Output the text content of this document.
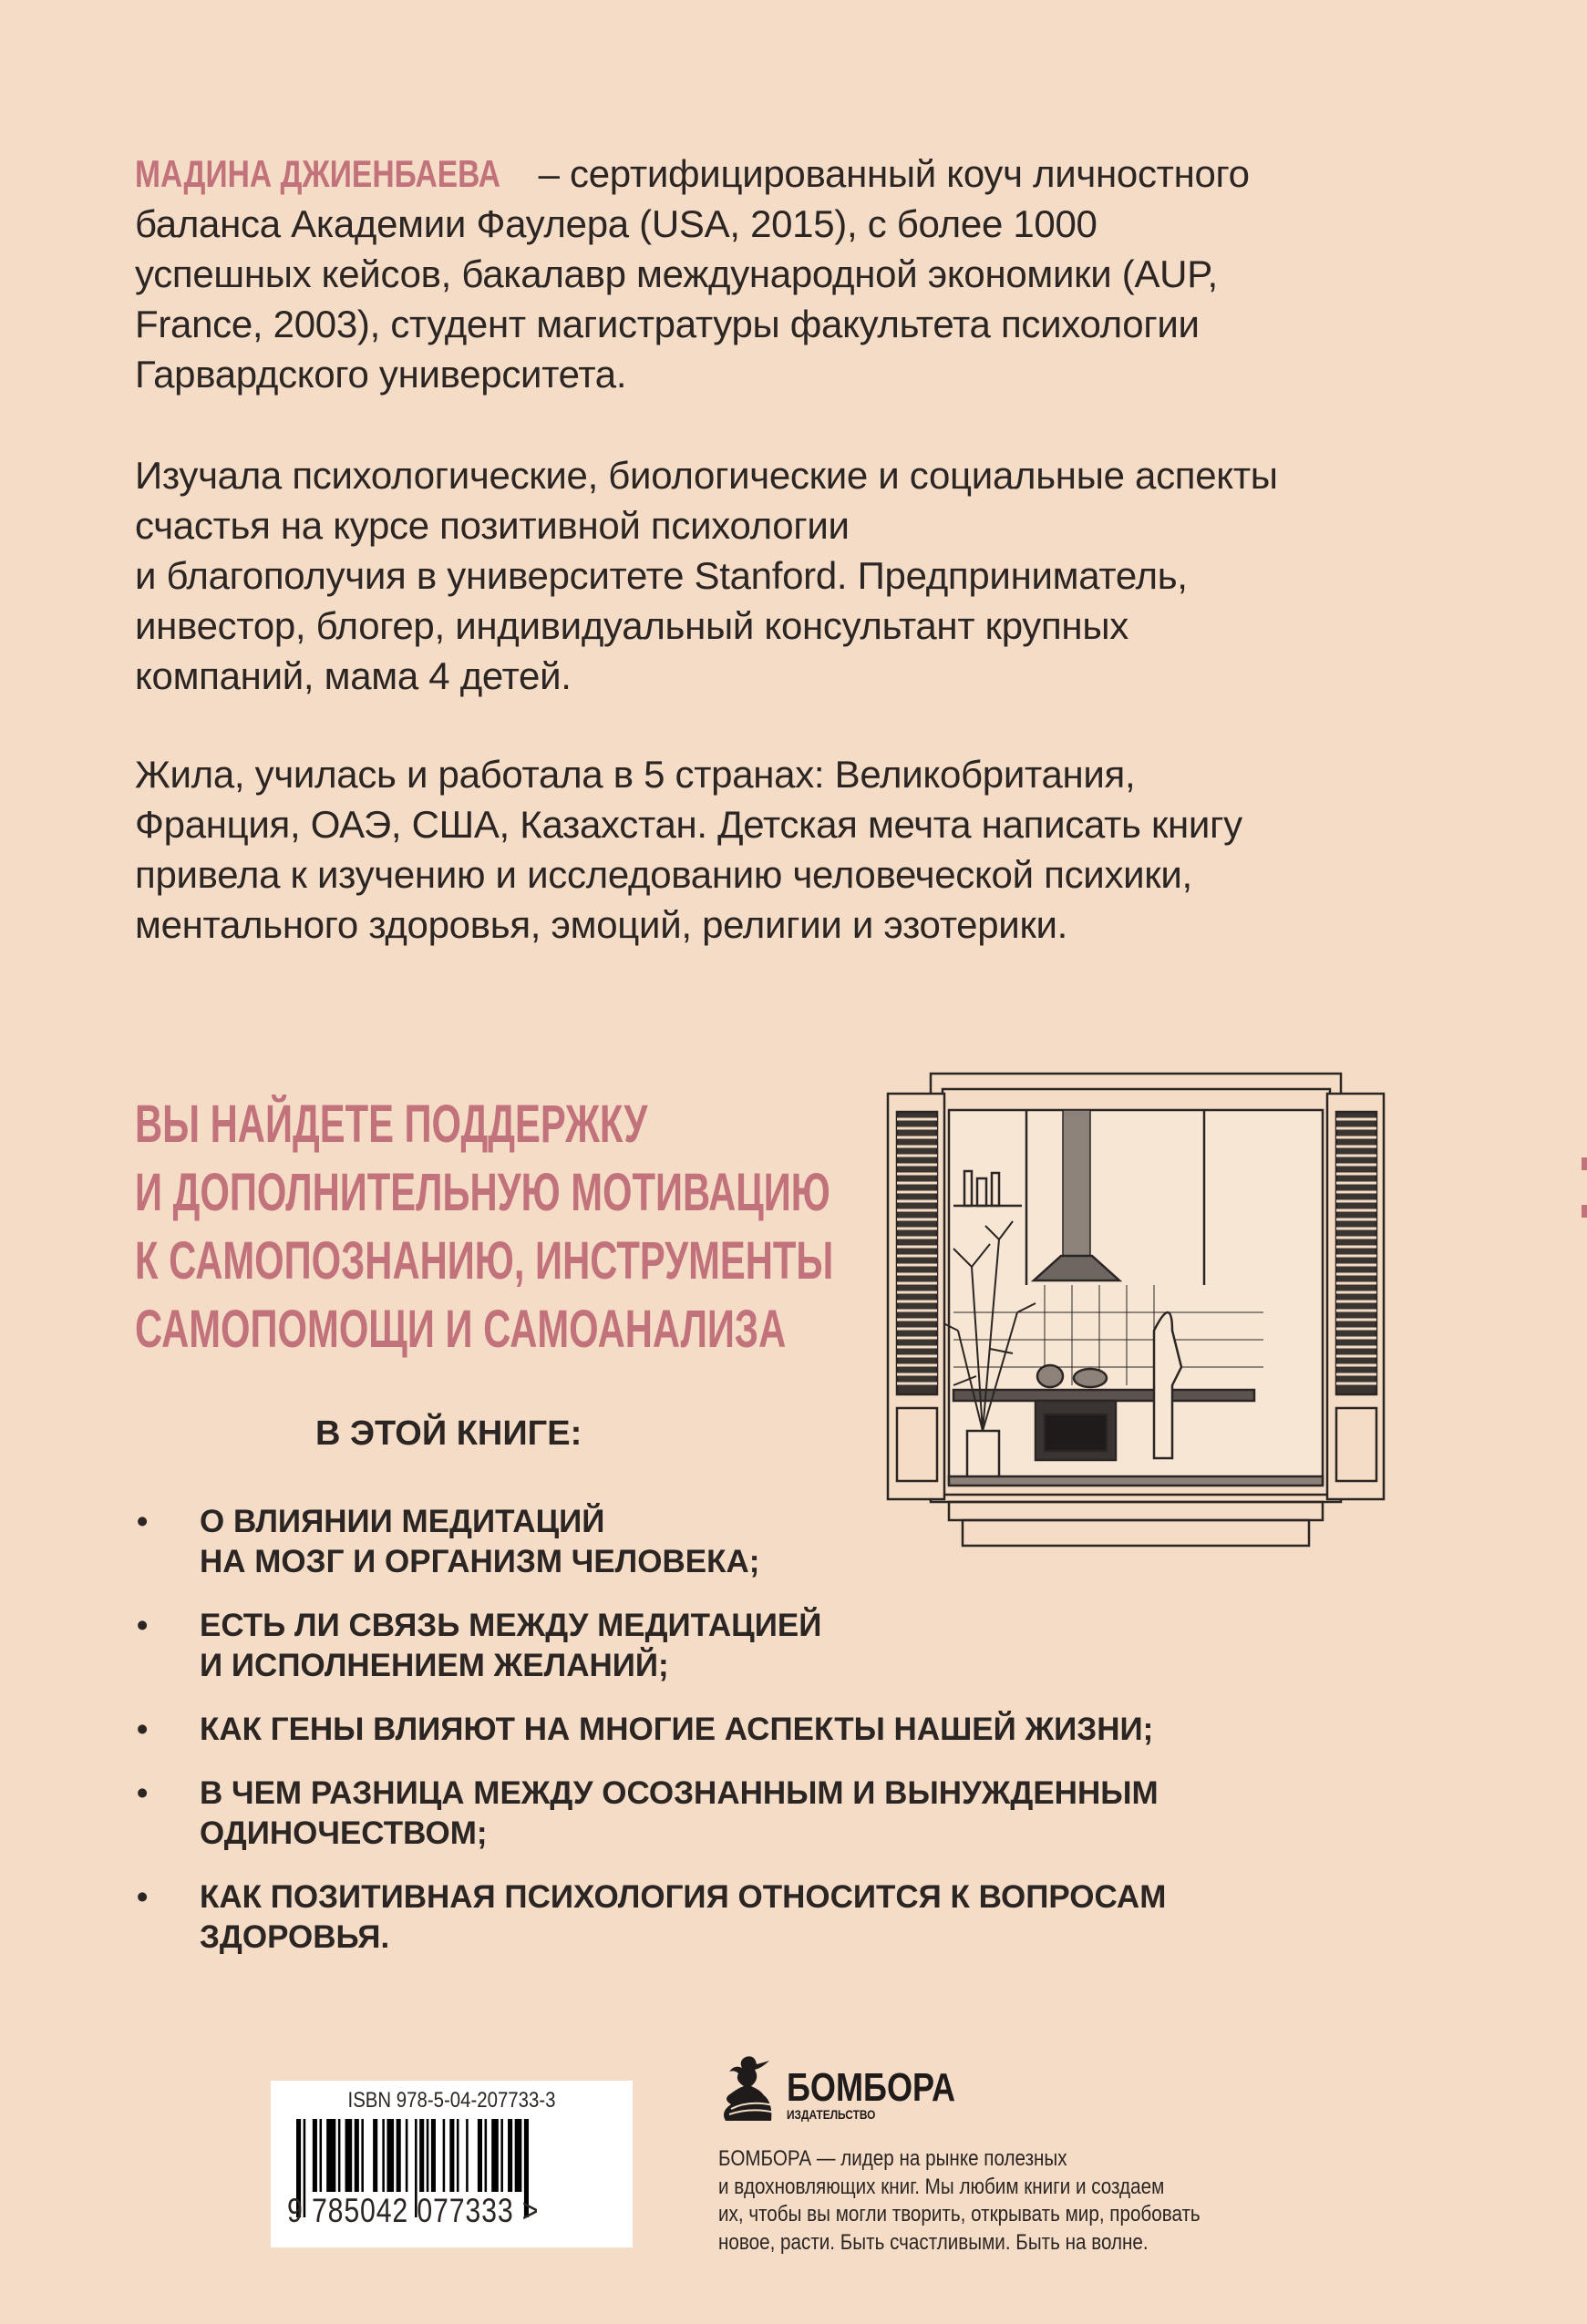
МАДИНА ДЖИЕНБАЕВА – сертифицированный коуч личностного
баланса Академии Фаулера (USA, 2015), с более 1000
успешных кейсов, бакалавр международной экономики (AUP,
France, 2003), студент магистратуры факультета психологии
Гарвардского университета.
Изучала психологические, биологические и социальные аспекты
счастья на курсе позитивной психологии
и благополучия в университете Stanford. Предприниматель,
инвестор, блогер, индивидуальный консультант крупных
компаний, мама 4 детей.
Жила, училась и работала в 5 странах: Великобритания,
Франция, ОАЭ, США, Казахстан. Детская мечта написать книгу
привела к изучению и исследованию человеческой психики,
ментального здоровья, эмоций, религии и эзотерики.
ВЫ НАЙДЕТЕ ПОДДЕРЖКУ
И ДОПОЛНИТЕЛЬНУЮ МОТИВАЦИЮ
К САМОПОЗНАНИЮ, ИНСТРУМЕНТЫ
САМОПОМОЩИ И САМОАНАЛИЗА
В ЭТОЙ КНИГЕ:
• О ВЛИЯНИИ МЕДИТАЦИЙ
НА МОЗГ И ОРГАНИЗМ ЧЕЛОВЕКА;
• ЕСТЬ ЛИ СВЯЗЬ МЕЖДУ МЕДИТАЦИЕЙ
И ИСПОЛНЕНИЕМ ЖЕЛАНИЙ;
• КАК ГЕНЫ ВЛИЯЮТ НА МНОГИЕ АСПЕКТЫ НАШЕЙ ЖИЗНИ;
• В ЧЕМ РАЗНИЦА МЕЖДУ ОСОЗНАННЫМ И ВЫНУЖДЕННЫМ
ОДИНОЧЕСТВОМ;
• КАК ПОЗИТИВНАЯ ПСИХОЛОГИЯ ОТНОСИТСЯ К ВОПРОСАМ
ЗДОРОВЬЯ.
ISBN 978-5-04-207733-3
9 785042 077333 >
БОМБОРА
ИЗДАТЕЛЬСТВО
БОМБОРА — лидер на рынке полезных
и вдохновляющих книг. Мы любим книги и создаем
их, чтобы вы могли творить, открывать мир, пробовать
новое, расти. Быть счастливыми. Быть на волне.
